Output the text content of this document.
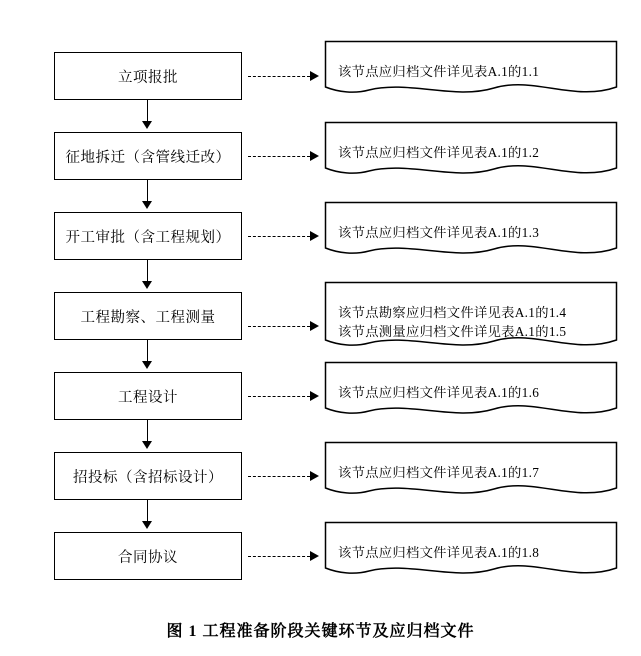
立项报批	该节点应归档文件详见表A.1的1.1
征地拆迁（含管线迁改）	该节点应归档文件详见表A.1的1.2
开工审批（含工程规划）	该节点应归档文件详见表A.1的1.3
工程勘察、工程测量	该节点勘察应归档文件详见表A.1的1.4
该节点测量应归档文件详见表A.1的1.5
工程设计	该节点应归档文件详见表A.1的1.6
招投标（含招标设计）	该节点应归档文件详见表A.1的1.7
合同协议	该节点应归档文件详见表A.1的1.8
图 1 工程准备阶段关键环节及应归档文件
